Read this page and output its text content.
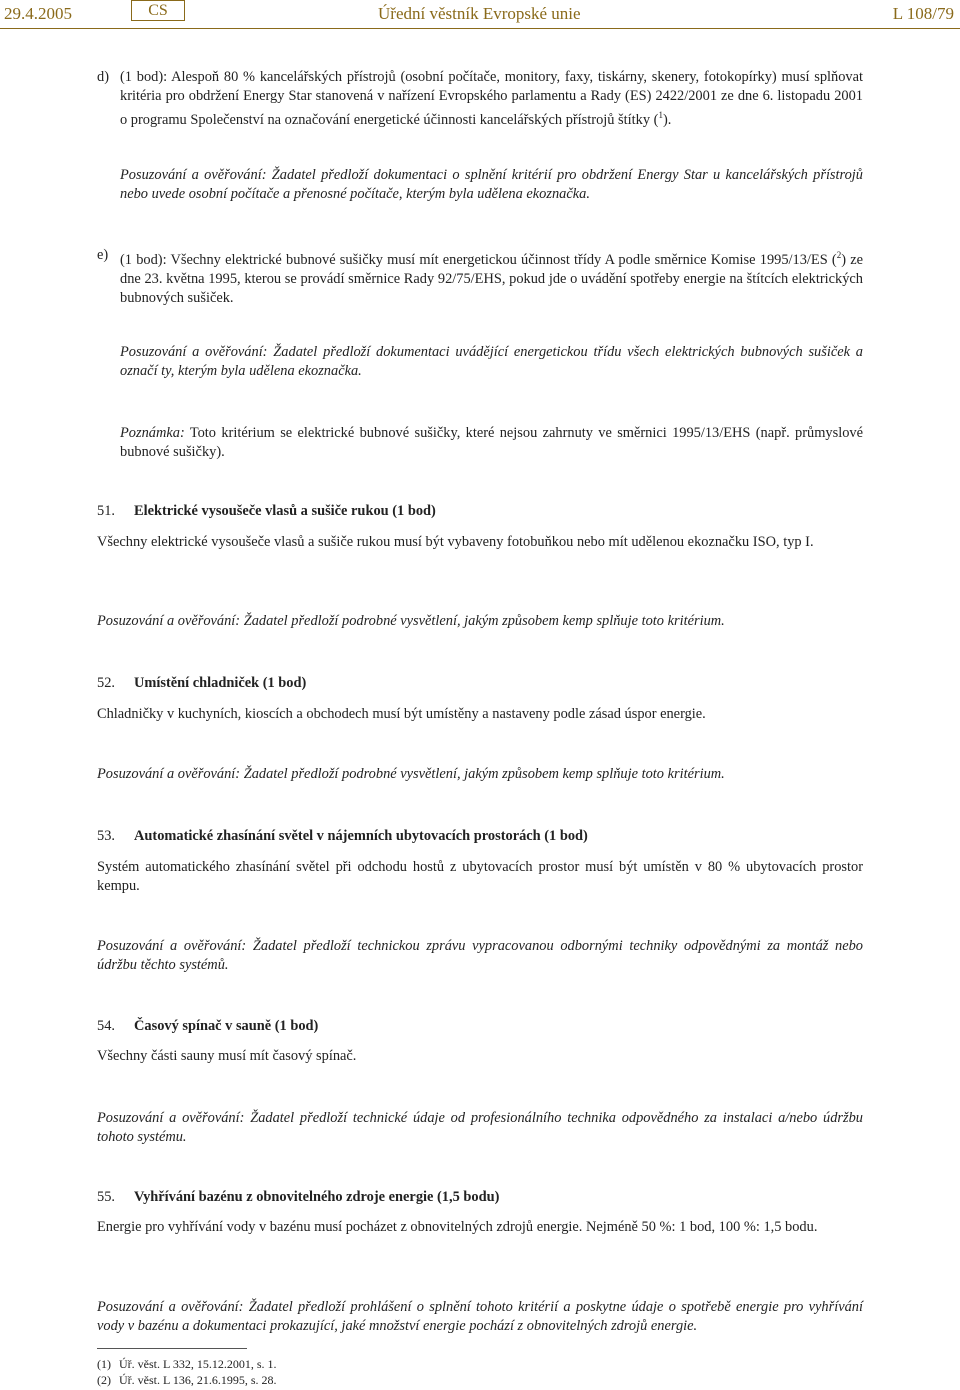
29.4.2005	CS	Úřední věstník Evropské unie	L 108/79
d) (1 bod): Alespoň 80 % kancelářských přístrojů (osobní počítače, monitory, faxy, tiskárny, skenery, fotokopírky) musí splňovat kritéria pro obdržení Energy Star stanovená v nařízení Evropského parlamentu a Rady (ES) 2422/2001 ze dne 6. listopadu 2001 o programu Společenství na označování energetické účinnosti kancelářských přístrojů štítky ($^1$).
Posuzování a ověřování: Žadatel předloží dokumentaci o splnění kritérií pro obdržení Energy Star u kancelářských přístrojů nebo uvede osobní počítače a přenosné počítače, kterým byla udělena ekoznačka.
e) (1 bod): Všechny elektrické bubnové sušičky musí mít energetickou účinnost třídy A podle směrnice Komise 1995/13/ES ($^2$) ze dne 23. května 1995, kterou se provádí směrnice Rady 92/75/EHS, pokud jde o uvádění spotřeby energie na štítcích elektrických bubnových sušiček.
Posuzování a ověřování: Žadatel předloží dokumentaci uvádějící energetickou třídu všech elektrických bubnových sušiček a označí ty, kterým byla udělena ekoznačka.
Poznámka: Toto kritérium se elektrické bubnové sušičky, které nejsou zahrnuty ve směrnici 1995/13/EHS (např. průmyslové bubnové sušičky).
51. Elektrické vysoušeče vlasů a sušiče rukou (1 bod)
Všechny elektrické vysoušeče vlasů a sušiče rukou musí být vybaveny fotobuňkou nebo mít udělenou ekoznačku ISO, typ I.
Posuzování a ověřování: Žadatel předloží podrobné vysvětlení, jakým způsobem kemp splňuje toto kritérium.
52. Umístění chladniček (1 bod)
Chladničky v kuchyních, kioscích a obchodech musí být umístěny a nastaveny podle zásad úspor energie.
Posuzování a ověřování: Žadatel předloží podrobné vysvětlení, jakým způsobem kemp splňuje toto kritérium.
53. Automatické zhasínání světel v nájemních ubytovacích prostorách (1 bod)
Systém automatického zhasínání světel při odchodu hostů z ubytovacích prostor musí být umístěn v 80 % ubytovacích prostor kempu.
Posuzování a ověřování: Žadatel předloží technickou zprávu vypracovanou odbornými techniky odpovědnými za montáž nebo údržbu těchto systémů.
54. Časový spínač v sauně (1 bod)
Všechny části sauny musí mít časový spínač.
Posuzování a ověřování: Žadatel předloží technické údaje od profesionálního technika odpovědného za instalaci a/nebo údržbu tohoto systému.
55. Vyhřívání bazénu z obnovitelného zdroje energie (1,5 bodu)
Energie pro vyhřívání vody v bazénu musí pocházet z obnovitelných zdrojů energie. Nejméně 50 %: 1 bod, 100 %: 1,5 bodu.
Posuzování a ověřování: Žadatel předloží prohlášení o splnění tohoto kritérií a poskytne údaje o spotřebě energie pro vyhřívání vody v bazénu a dokumentaci prokazující, jaké množství energie pochází z obnovitelných zdrojů energie.
(1) Úř. věst. L 332, 15.12.2001, s. 1.
(2) Úř. věst. L 136, 21.6.1995, s. 28.
